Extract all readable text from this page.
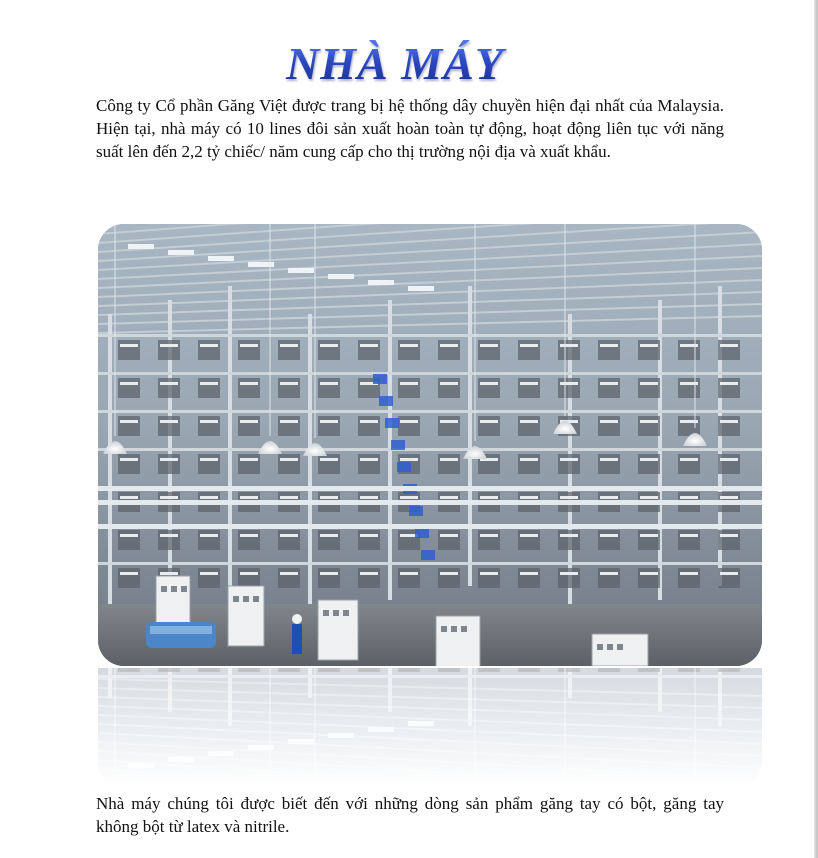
NHÀ MÁY

Công ty Cổ phần Găng Việt được trang bị hệ thống dây chuyền hiện đại nhất của Malaysia. Hiện tại, nhà máy có 10 lines đôi sản xuất hoàn toàn tự động, hoạt động liên tục với năng suất lên đến 2,2 tỷ chiếc/ năm cung cấp cho thị trường nội địa và xuất khẩu.

Nhà máy chúng tôi được biết đến với những dòng sản phẩm găng tay có bột, găng tay không bột từ latex và nitrile.
